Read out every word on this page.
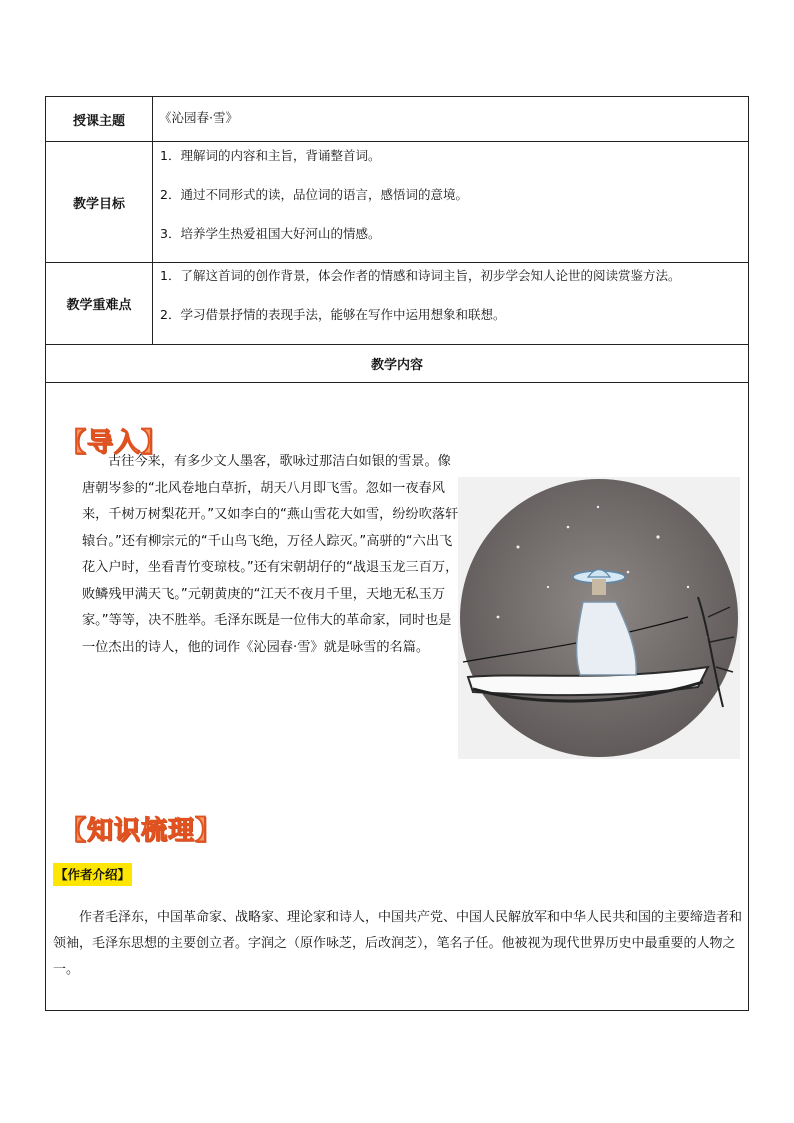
授课主题	《沁园春·雪》
教学目标
1．理解词的内容和主旨，背诵整首词。
2．通过不同形式的读，品位词的语言，感悟词的意境。
3．培养学生热爱祖国大好河山的情感。
教学重难点
1．了解这首词的创作背景，体会作者的情感和诗词主旨，初步学会知人论世的阅读赏鉴方法。
2．学习借景抒情的表现手法，能够在写作中运用想象和联想。
教学内容
【导入】

古往今来，有多少文人墨客，歌咏过那洁白如银的雪景。像唐朝岑参的“北风卷地白草折，胡天八月即飞雪。忽如一夜春风来，千树万树梨花开。”又如李白的“燕山雪花大如雪，纷纷吹落轩辕台。”还有柳宗元的“千山鸟飞绝，万径人踪灭。”高骈的“六出飞花入户时，坐看青竹变琼枝。”还有宋朝胡仔的“战退玉龙三百万，败鳞残甲满天飞。”元朝黄庚的“江天不夜月千里，天地无私玉万家。”等等，决不胜举。毛泽东既是一位伟大的革命家，同时也是一位杰出的诗人，他的词作《沁园春·雪》就是咏雪的名篇。

【知识梳理】
【作者介绍】

作者毛泽东，中国革命家、战略家、理论家和诗人，中国共产党、中国人民解放军和中华人民共和国的主要缔造者和领袖，毛泽东思想的主要创立者。字润之（原作咏芝，后改润芝），笔名子任。他被视为现代世界历史中最重要的人物之一。
